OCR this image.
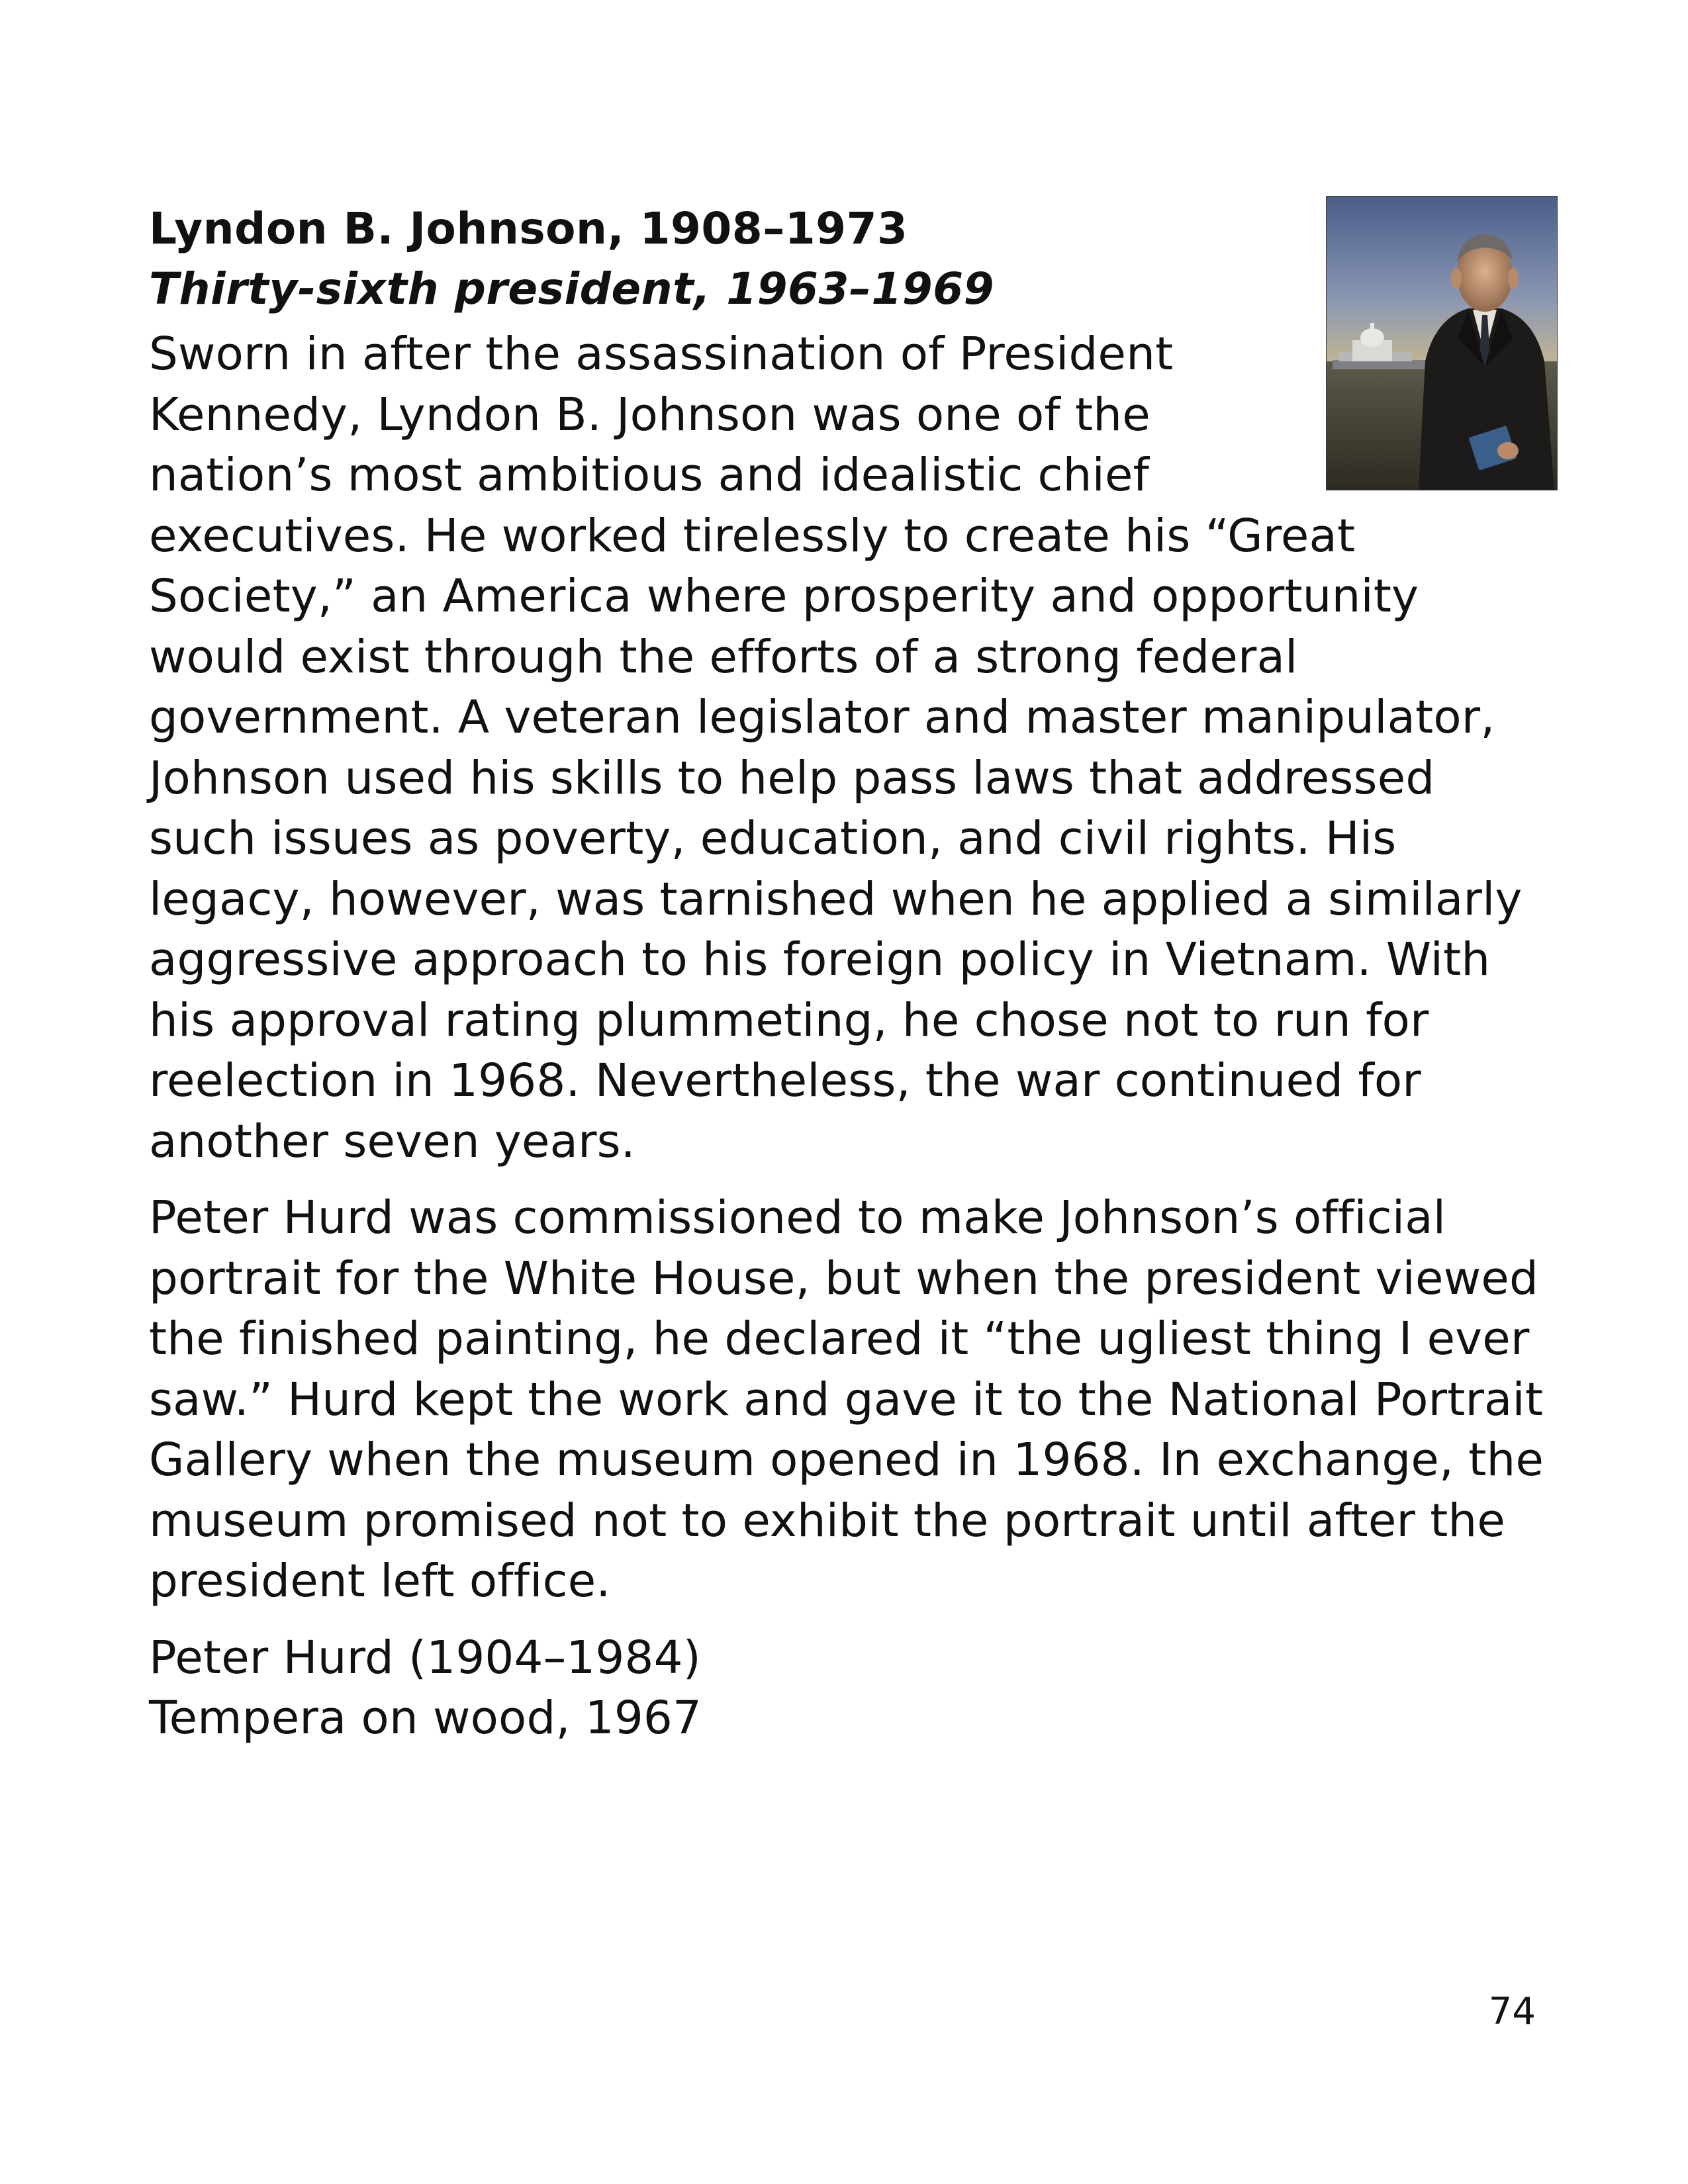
Lyndon B. Johnson, 1908–1973
Thirty-sixth president, 1963–1969

Sworn in after the assassination of President Kennedy, Lyndon B. Johnson was one of the nation’s most ambitious and idealistic chief executives. He worked tirelessly to create his “Great Society,” an America where prosperity and opportunity would exist through the efforts of a strong federal government. A veteran legislator and master manipulator, Johnson used his skills to help pass laws that addressed such issues as poverty, education, and civil rights. His legacy, however, was tarnished when he applied a similarly aggressive approach to his foreign policy in Vietnam. With his approval rating plummeting, he chose not to run for reelection in 1968. Nevertheless, the war continued for another seven years.

Peter Hurd was commissioned to make Johnson’s official portrait for the White House, but when the president viewed the finished painting, he declared it “the ugliest thing I ever saw.” Hurd kept the work and gave it to the National Portrait Gallery when the museum opened in 1968. In exchange, the museum promised not to exhibit the portrait until after the president left office.

Peter Hurd (1904–1984)
Tempera on wood, 1967

74
